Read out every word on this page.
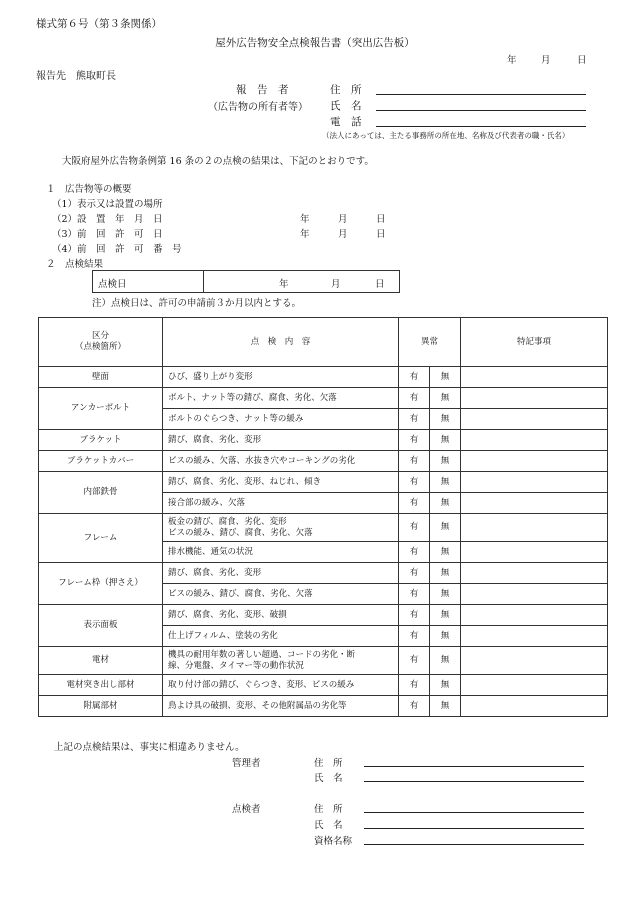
様式第６号（第３条関係）
屋外広告物安全点検報告書（突出広告板）
年	月	日
報告先　熊取町長
報　告　者
（広告物の所有者等）
住　所
氏　名
電　話
（法人にあっては、主たる事務所の所在地、名称及び代表者の職・氏名）
大阪府屋外広告物条例第 16 条の２の点検の結果は、下記のとおりです。
１　広告物等の概要
（1）表示又は設置の場所
（2）設　置　年　月　日	年　　　月　　　日
（3）前　回　許　可　日	年　　　月　　　日
（4）前　回　許　可　番　号
２　点検結果
点検日	年	月	日
注）点検日は、許可の申請前３か月以内とする。
区分
（点検箇所）	点　検　内　容	異常		特記事項
壁面	ひび、盛り上がり変形	有	無	
アンカーボルト	ボルト、ナット等の錆び、腐食、劣化、欠落	有	無	
	ボルトのぐらつき、ナット等の緩み	有	無	
ブラケット	錆び、腐食、劣化、変形	有	無	
ブラケットカバー	ビスの緩み、欠落、水抜き穴やコーキングの劣化	有	無	
内部鉄骨	錆び、腐食、劣化、変形、ねじれ、傾き	有	無	
	接合部の緩み、欠落	有	無	
フレーム	板金の錆び、腐食、劣化、変形
ビスの緩み、錆び、腐食、劣化、欠落	有	無	
	排水機能、通気の状況	有	無	
フレーム枠（押さえ）	錆び、腐食、劣化、変形	有	無	
	ビスの緩み、錆び、腐食、劣化、欠落	有	無	
表示面板	錆び、腐食、劣化、変形、破損	有	無	
	仕上げフィルム、塗装の劣化	有	無	
電材	機具の耐用年数の著しい超過、コードの劣化・断
線、分電盤、タイマー等の動作状況	有	無	
電材突き出し部材	取り付け部の錆び、ぐらつき、変形、ビスの緩み	有	無	
附属部材	鳥よけ具の破損、変形、その他附属品の劣化等	有	無	
上記の点検結果は、事実に相違ありません。
管理者	住　所
氏　名
点検者	住　所
氏　名
資格名称
